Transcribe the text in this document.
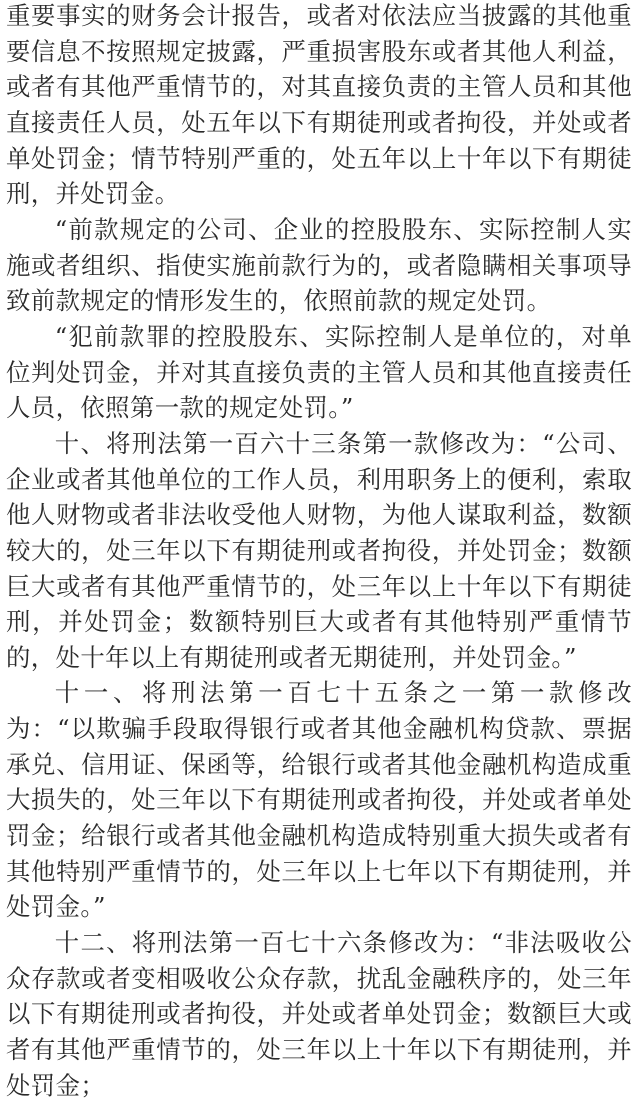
重要事实的财务会计报告，或者对依法应当披露的其他重要信息不按照规定披露，严重损害股东或者其他人利益，或者有其他严重情节的，对其直接负责的主管人员和其他直接责任人员，处五年以下有期徒刑或者拘役，并处或者单处罚金；情节特别严重的，处五年以上十年以下有期徒刑，并处罚金。

“前款规定的公司、企业的控股股东、实际控制人实施或者组织、指使实施前款行为的，或者隐瞒相关事项导致前款规定的情形发生的，依照前款的规定处罚。

“犯前款罪的控股股东、实际控制人是单位的，对单位判处罚金，并对其直接负责的主管人员和其他直接责任人员，依照第一款的规定处罚。”

十、将刑法第一百六十三条第一款修改为：“公司、企业或者其他单位的工作人员，利用职务上的便利，索取他人财物或者非法收受他人财物，为他人谋取利益，数额较大的，处三年以下有期徒刑或者拘役，并处罚金；数额巨大或者有其他严重情节的，处三年以上十年以下有期徒刑，并处罚金；数额特别巨大或者有其他特别严重情节的，处十年以上有期徒刑或者无期徒刑，并处罚金。”

十一、将刑法第一百七十五条之一第一款修改为：“以欺骗手段取得银行或者其他金融机构贷款、票据承兑、信用证、保函等，给银行或者其他金融机构造成重大损失的，处三年以下有期徒刑或者拘役，并处或者单处罚金；给银行或者其他金融机构造成特别重大损失或者有其他特别严重情节的，处三年以上七年以下有期徒刑，并处罚金。”

十二、将刑法第一百七十六条修改为：“非法吸收公众存款或者变相吸收公众存款，扰乱金融秩序的，处三年以下有期徒刑或者拘役，并处或者单处罚金；数额巨大或者有其他严重情节的，处三年以上十年以下有期徒刑，并处罚金；
